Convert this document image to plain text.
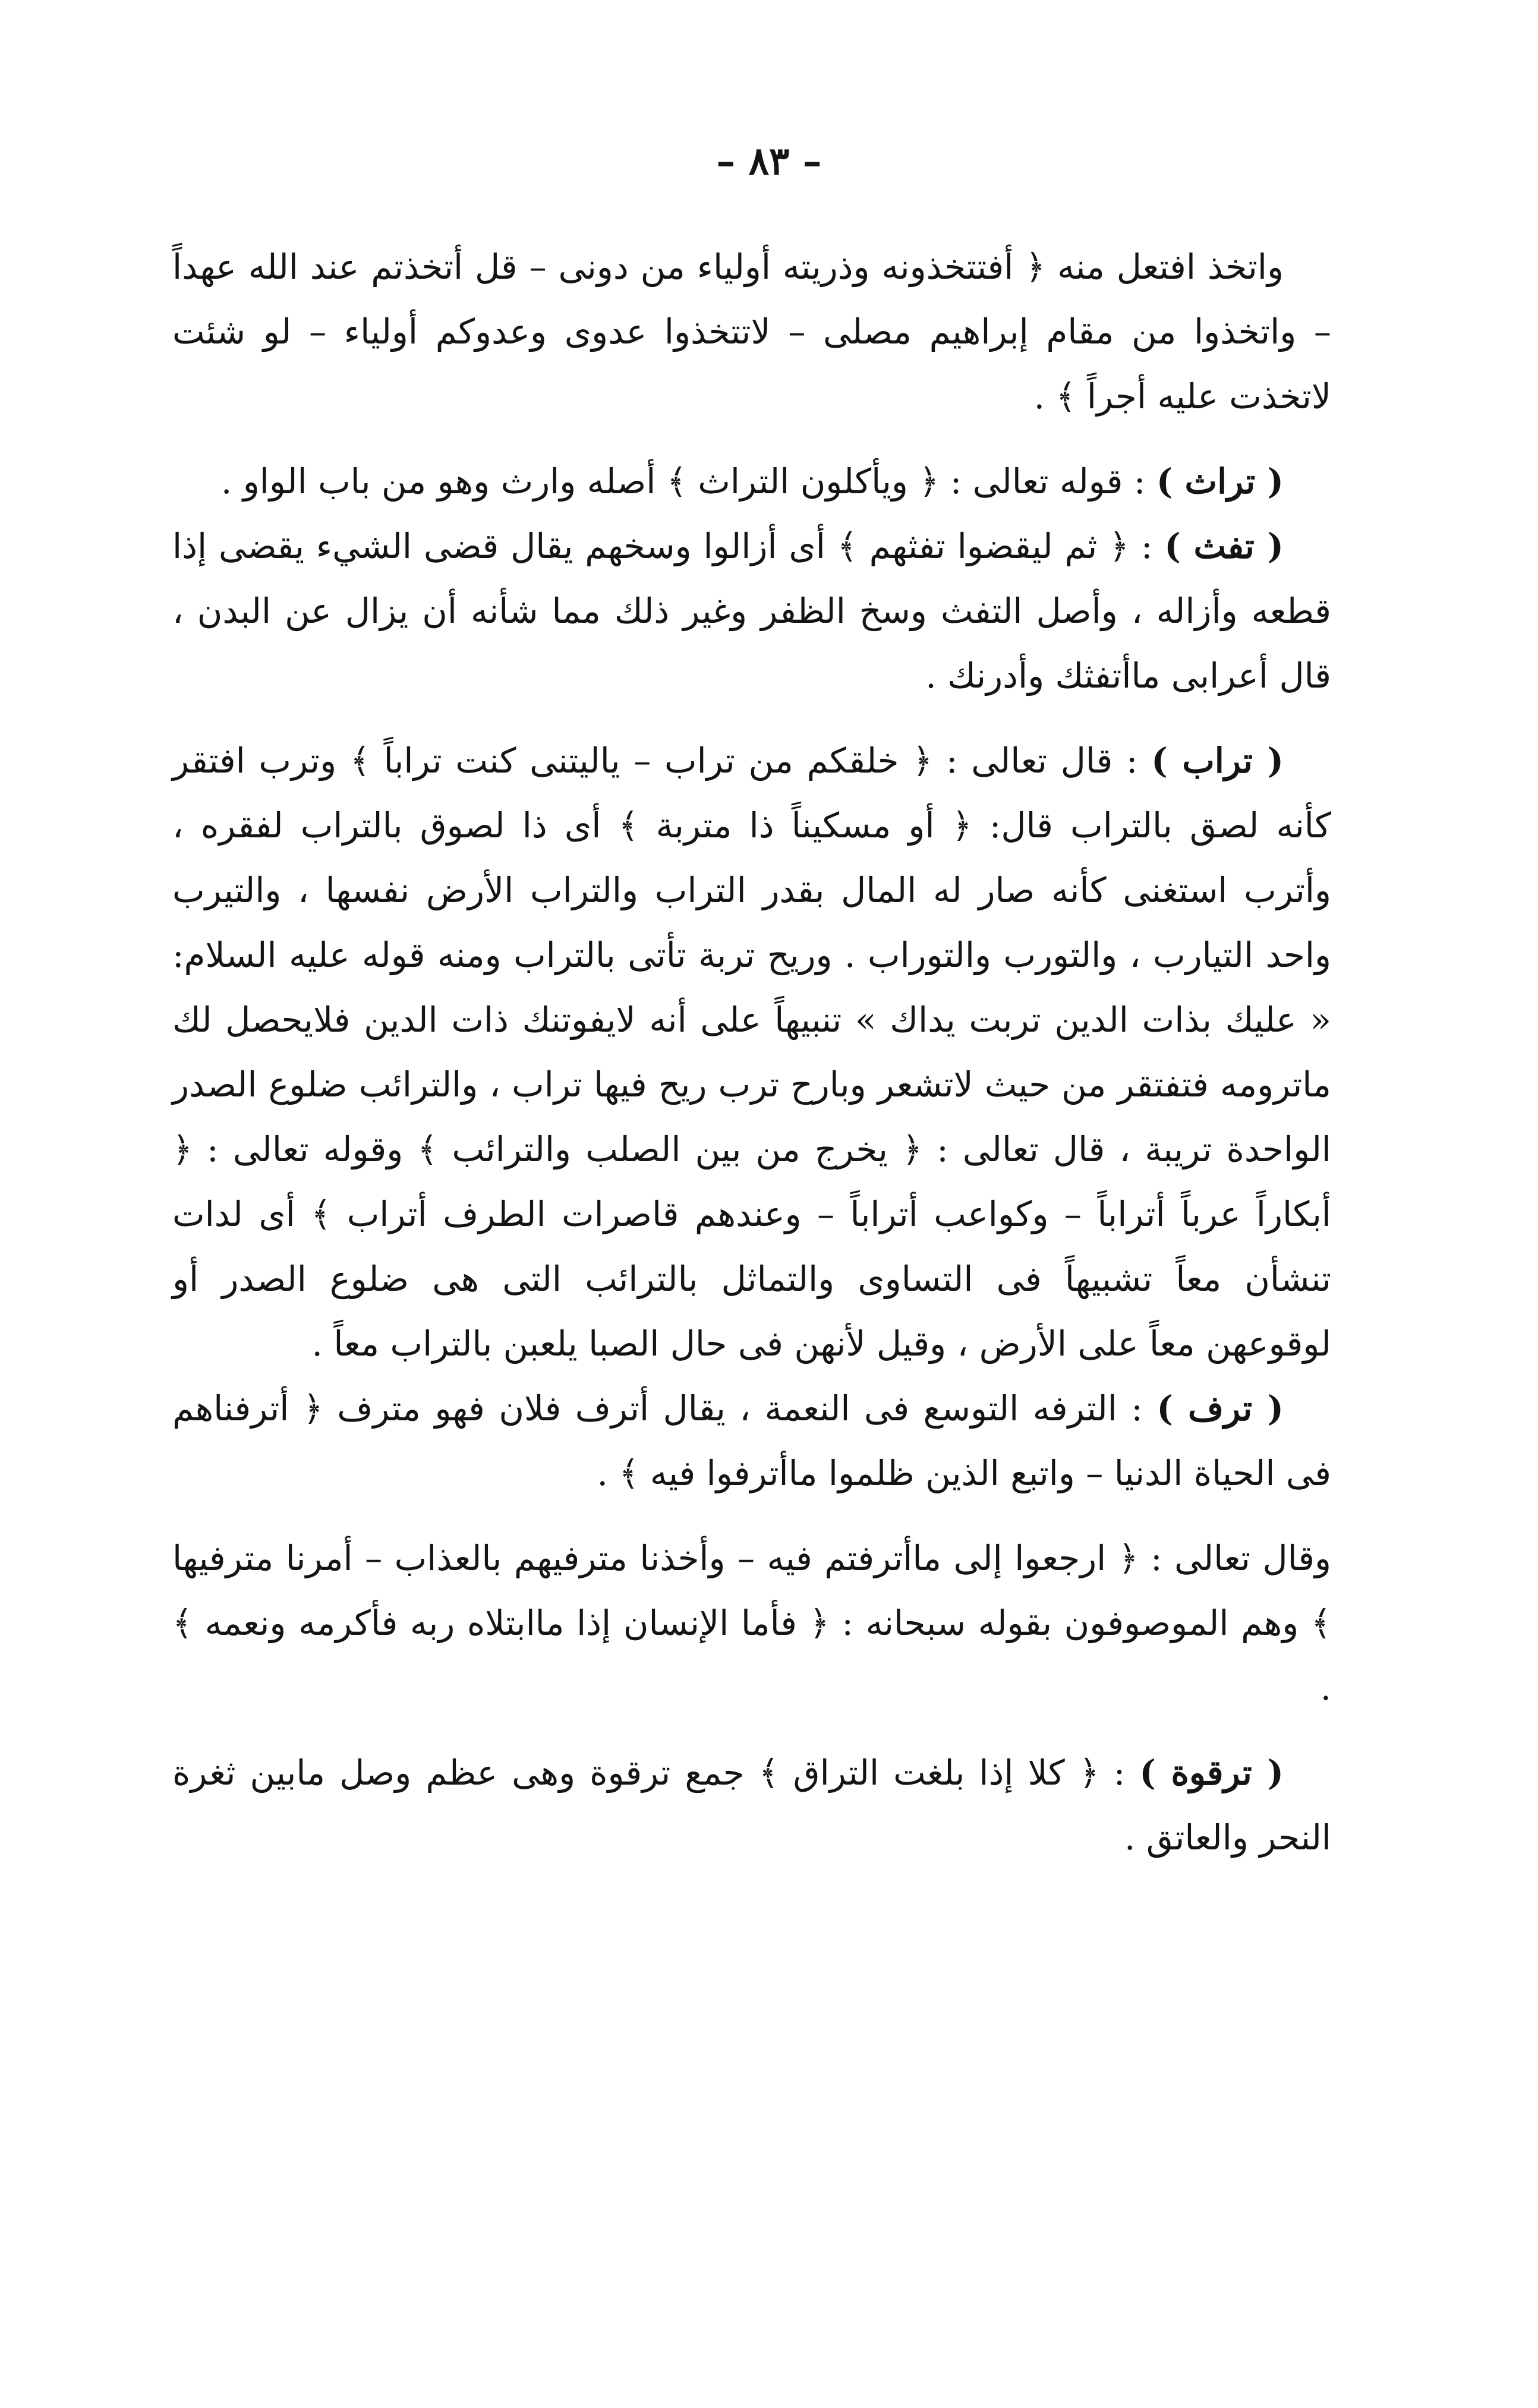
– ٨٣ –

واتخذ افتعل منه ﴿ أفتتخذونه وذريته أولياء من دونى – قل أتخذتم عند الله عهداً – واتخذوا من مقام إبراهيم مصلى – لاتتخذوا عدوى وعدوكم أولياء – لو شئت لاتخذت عليه أجراً ﴾ .

( تراث ) : قوله تعالى : ﴿ ويأكلون التراث ﴾ أصله وارث وهو من باب الواو .

( تفث ) : ﴿ ثم ليقضوا تفثهم ﴾ أى أزالوا وسخهم يقال قضى الشيء يقضى إذا قطعه وأزاله ، وأصل التفث وسخ الظفر وغير ذلك مما شأنه أن يزال عن البدن ، قال أعرابى ماأتفثك وأدرنك .

( تراب ) : قال تعالى : ﴿ خلقكم من تراب – ياليتنى كنت تراباً ﴾ وترب افتقر كأنه لصق بالتراب قال: ﴿ أو مسكيناً ذا متربة ﴾ أى ذا لصوق بالتراب لفقره ، وأترب استغنى كأنه صار له المال بقدر التراب والتراب الأرض نفسها ، والتيرب واحد التيارب ، والتورب والتوراب . وريح تربة تأتى بالتراب ومنه قوله عليه السلام: « عليك بذات الدين تربت يداك » تنبيهاً على أنه لايفوتنك ذات الدين فلايحصل لك ماترومه فتفتقر من حيث لاتشعر وبارح ترب ريح فيها تراب ، والترائب ضلوع الصدر الواحدة تريبة ، قال تعالى : ﴿ يخرج من بين الصلب والترائب ﴾ وقوله تعالى : ﴿ أبكاراً عرباً أتراباً – وكواعب أتراباً – وعندهم قاصرات الطرف أتراب ﴾ أى لدات تنشأن معاً تشبيهاً فى التساوى والتماثل بالترائب التى هى ضلوع الصدر أو لوقوعهن معاً على الأرض ، وقيل لأنهن فى حال الصبا يلعبن بالتراب معاً .

( ترف ) : الترفه التوسع فى النعمة ، يقال أترف فلان فهو مترف ﴿ أترفناهم فى الحياة الدنيا – واتبع الذين ظلموا ماأترفوا فيه ﴾ .

وقال تعالى : ﴿ ارجعوا إلى ماأترفتم فيه – وأخذنا مترفيهم بالعذاب – أمرنا مترفيها ﴾ وهم الموصوفون بقوله سبحانه : ﴿ فأما الإنسان إذا ماابتلاه ربه فأكرمه ونعمه ﴾ .

( ترقوة ) : ﴿ كلا إذا بلغت التراق ﴾ جمع ترقوة وهى عظم وصل مابين ثغرة النحر والعاتق .
